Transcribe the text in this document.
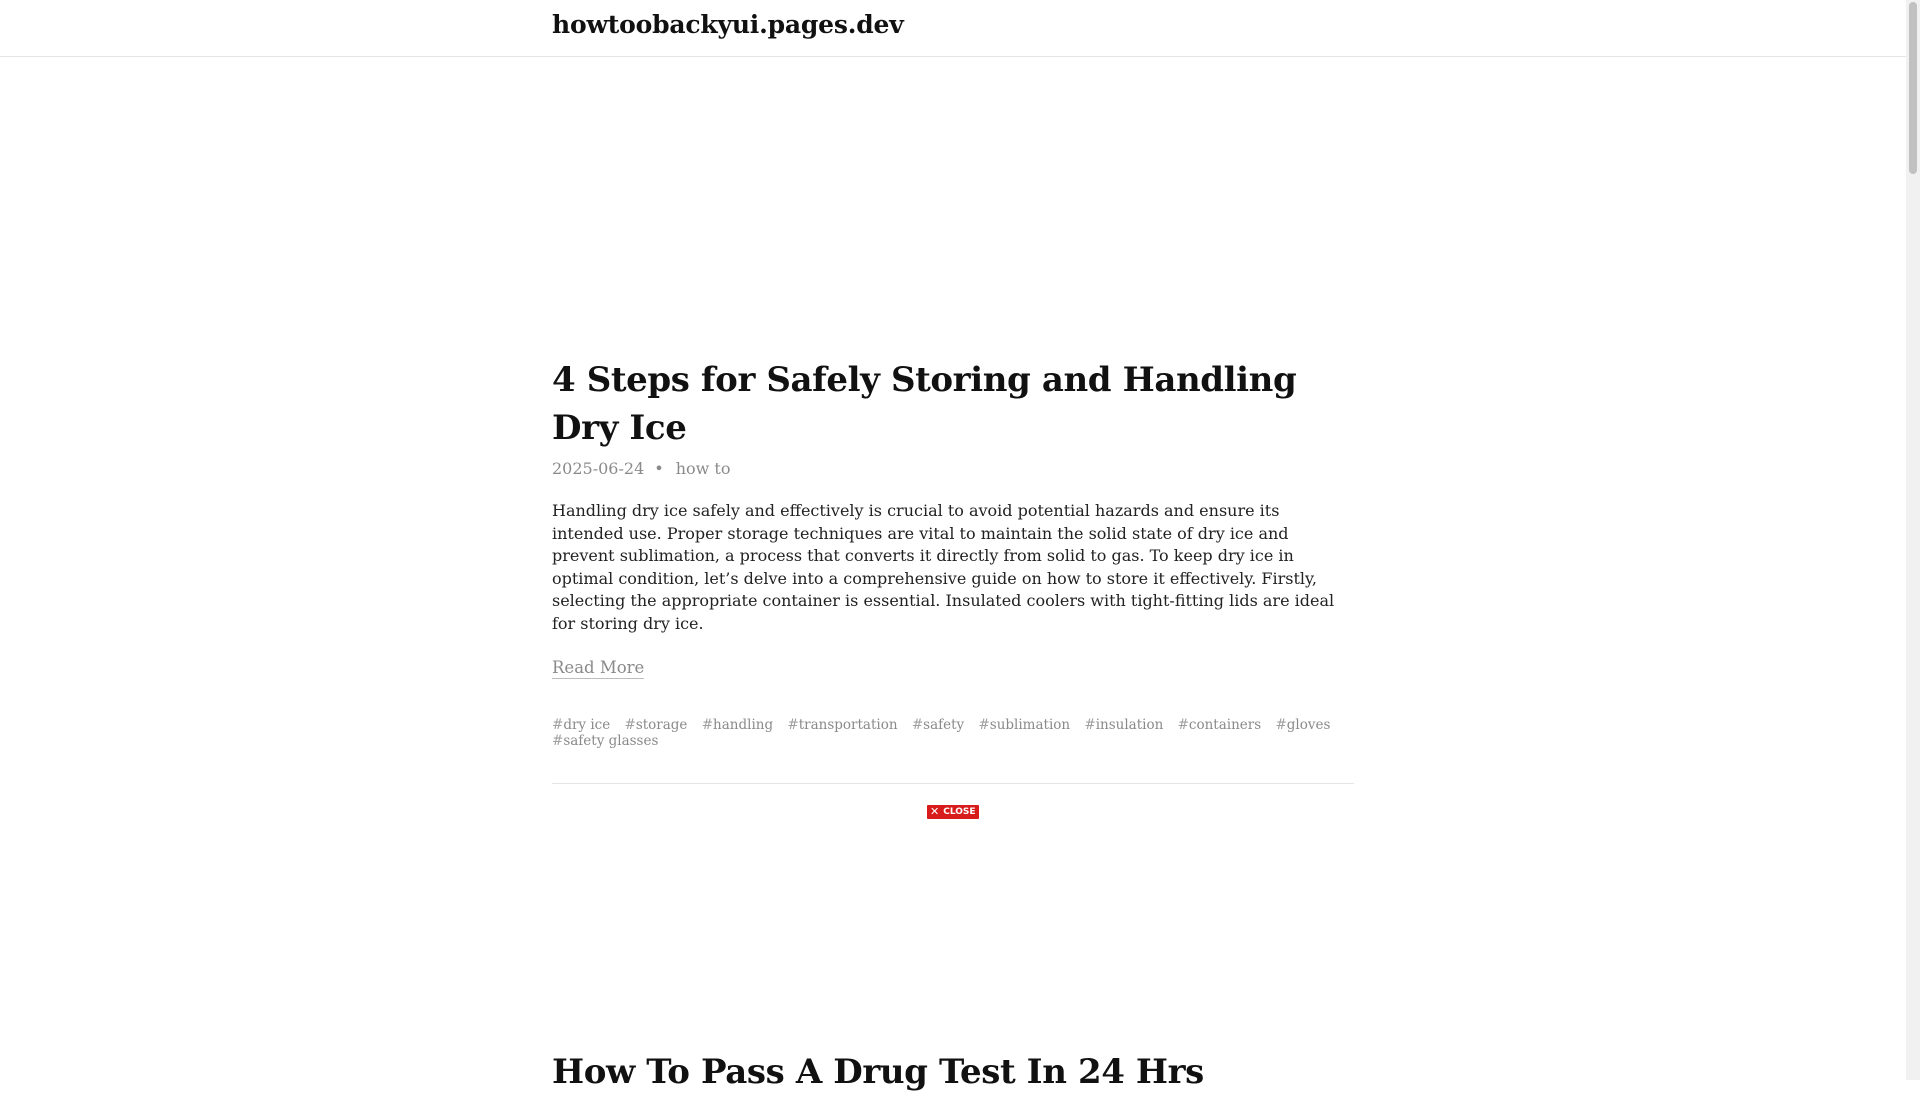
howtoobackyui.pages.dev
4 Steps for Safely Storing and Handling Dry Ice
2025-06-24 • how to

Handling dry ice safely and effectively is crucial to avoid potential hazards and ensure its intended use. Proper storage techniques are vital to maintain the solid state of dry ice and prevent sublimation, a process that converts it directly from solid to gas. To keep dry ice in optimal condition, let’s delve into a comprehensive guide on how to store it effectively. Firstly, selecting the appropriate container is essential. Insulated coolers with tight-fitting lids are ideal for storing dry ice.

Read More
#dry ice #storage #handling #transportation #safety #sublimation #insulation #containers #gloves #safety glasses
✕ CLOSE
How To Pass A Drug Test In 24 Hrs
